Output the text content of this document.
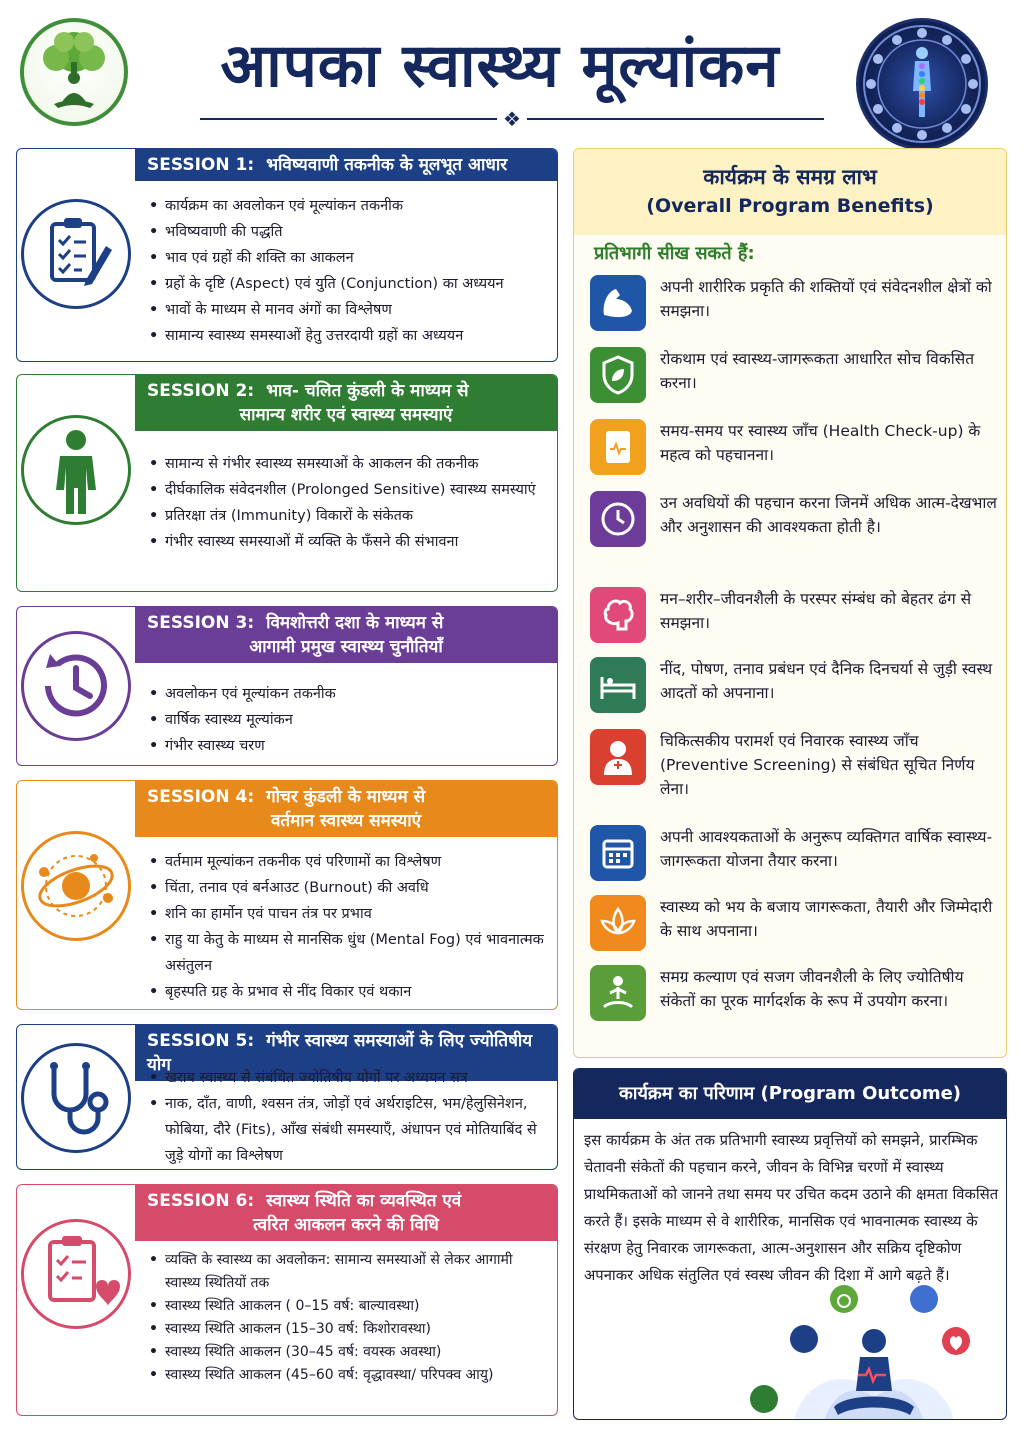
आपका स्वास्थ्य मूल्यांकन
❖
SESSION 1: भविष्यवाणी तकनीक के मूलभूत आधार
• कार्यक्रम का अवलोकन एवं मूल्यांकन तकनीक
• भविष्यवाणी की पद्धति
• भाव एवं ग्रहों की शक्ति का आकलन
• ग्रहों के दृष्टि (Aspect) एवं युति (Conjunction) का अध्ययन
• भावों के माध्यम से मानव अंगों का विश्लेषण
• सामान्य स्वास्थ्य समस्याओं हेतु उत्तरदायी ग्रहों का अध्ययन
SESSION 2: भाव- चलित कुंडली के माध्यम से
सामान्य शरीर एवं स्वास्थ्य समस्याएं
• सामान्य से गंभीर स्वास्थ्य समस्याओं के आकलन की तकनीक
• दीर्घकालिक संवेदनशील (Prolonged Sensitive) स्वास्थ्य समस्याएं
• प्रतिरक्षा तंत्र (Immunity) विकारों के संकेतक
• गंभीर स्वास्थ्य समस्याओं में व्यक्ति के फँसने की संभावना
SESSION 3: विमशोत्तरी दशा के माध्यम से
आगामी प्रमुख स्वास्थ्य चुनौतियाँ
• अवलोकन एवं मूल्यांकन तकनीक
• वार्षिक स्वास्थ्य मूल्यांकन
• गंभीर स्वास्थ्य चरण
SESSION 4: गोचर कुंडली के माध्यम से
वर्तमान स्वास्थ्य समस्याएं
• वर्तमाम मूल्यांकन तकनीक एवं परिणामों का विश्लेषण
• चिंता, तनाव एवं बर्नआउट (Burnout) की अवधि
• शनि का हार्मोन एवं पाचन तंत्र पर प्रभाव
• राहु या केतु के माध्यम से मानसिक धुंध (Mental Fog) एवं भावनात्मक असंतुलन
• बृहस्पति ग्रह के प्रभाव से नींद विकार एवं थकान
SESSION 5: गंभीर स्वास्थ्य समस्याओं के लिए ज्योतिषीय योग
• खराब स्वास्थ्य से संबंधित ज्योतिषीय योगों पर अध्ययन सत्र
• नाक, दाँत, वाणी, श्वसन तंत्र, जोड़ों एवं अर्थराइटिस, भम/हेलुसिनेशन, फोबिया, दौरे (Fits), आँख संबंधी समस्याएँ, अंधापन एवं मोतियाबिंद से जुड़े योगों का विश्लेषण
SESSION 6: स्वास्थ्य स्थिति का व्यवस्थित एवं
त्वरित आकलन करने की विधि
• व्यक्ति के स्वास्थ्य का अवलोकन: सामान्य समस्याओं से लेकर आगामी स्वास्थ्य स्थितियों तक
• स्वास्थ्य स्थिति आकलन ( 0–15 वर्ष: बाल्यावस्था)
• स्वास्थ्य स्थिति आकलन (15–30 वर्ष: किशोरावस्था)
• स्वास्थ्य स्थिति आकलन (30–45 वर्ष: वयस्क अवस्था)
• स्वास्थ्य स्थिति आकलन (45–60 वर्ष: वृद्धावस्था/ परिपक्व आयु)
कार्यक्रम के समग्र लाभ
(Overall Program Benefits)
प्रतिभागी सीख सकते हैं:
अपनी शारीरिक प्रकृति की शक्तियों एवं संवेदनशील क्षेत्रों को समझना।
रोकथाम एवं स्वास्थ्य-जागरूकता आधारित सोच विकसित करना।
समय-समय पर स्वास्थ्य जाँच (Health Check-up) के महत्व को पहचानना।
उन अवधियों की पहचान करना जिनमें अधिक आत्म-देखभाल और अनुशासन की आवश्यकता होती है।
मन–शरीर–जीवनशैली के परस्पर संम्बंध को बेहतर ढंग से समझना।
नींद, पोषण, तनाव प्रबंधन एवं दैनिक दिनचर्या से जुड़ी स्वस्थ आदतों को अपनाना।
चिकित्सकीय परामर्श एवं निवारक स्वास्थ्य जाँच (Preventive Screening) से संबंधित सूचित निर्णय लेना।
अपनी आवश्यकताओं के अनुरूप व्यक्तिगत वार्षिक स्वास्थ्य-जागरूकता योजना तैयार करना।
स्वास्थ्य को भय के बजाय जागरूकता, तैयारी और जिम्मेदारी के साथ अपनाना।
समग्र कल्याण एवं सजग जीवनशैली के लिए ज्योतिषीय संकेतों का पूरक मार्गदर्शक के रूप में उपयोग करना।
कार्यक्रम का परिणाम (Program Outcome)
इस कार्यक्रम के अंत तक प्रतिभागी स्वास्थ्य प्रवृत्तियों को समझने, प्रारम्भिक चेतावनी संकेतों की पहचान करने, जीवन के विभिन्न चरणों में स्वास्थ्य प्राथमिकताओं को जानने तथा समय पर उचित कदम उठाने की क्षमता विकसित करते हैं। इसके माध्यम से वे शारीरिक, मानसिक एवं भावनात्मक स्वास्थ्य के संरक्षण हेतु निवारक जागरूकता, आत्म-अनुशासन और सक्रिय दृष्टिकोण अपनाकर अधिक संतुलित एवं स्वस्थ जीवन की दिशा में आगे बढ़ते हैं।
